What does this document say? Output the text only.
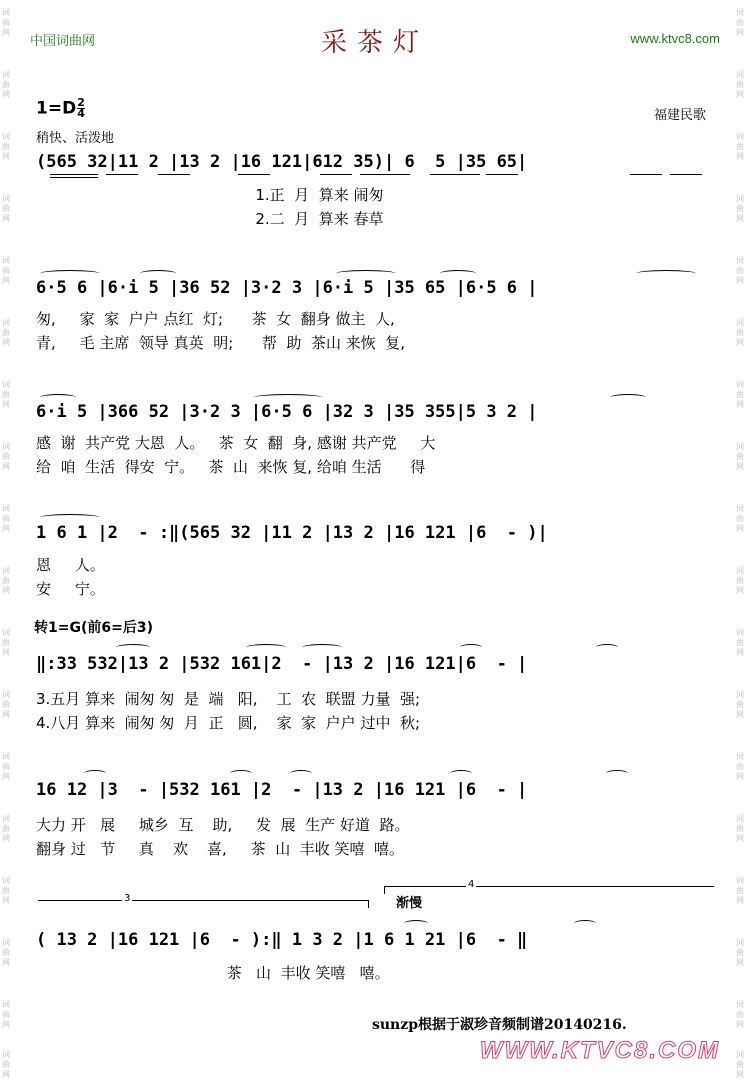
词曲网
词曲网
词曲网
词曲网
词曲网
词曲网
词曲网
词曲网
词曲网
词曲网
词曲网
词曲网
词曲网
词曲网
词曲网
词曲网
词曲网
词曲网
词曲网
词曲网
词曲网
词曲网
词曲网
词曲网
词曲网
词曲网
词曲网
词曲网
词曲网
词曲网
词曲网
词曲网
词曲网
词曲网
词曲网
词曲网
中国词曲网	采茶灯	www.ktvc8.com
$1=D \frac{2}{4}$	福建民歌
稍快、活泼地
(565 32|11 2 |13 2 |16 121|612 35)| 6  5 |35 65|
1.正  月  算来 闹匆
2.二  月  算来 春草
6·5 6 |6·i 5 |36 52 |3·2 3 |6·i 5 |35 65 |6·5 6 |
匆,     家  家  户户 点红  灯;      茶  女  翻身 做主  人,
青,     毛 主席  领导 真英  明;      帮  助  茶山 来恢  复,
6·i 5 |366 52 |3·2 3 |6·5 6 |32 3 |35 355|5 3 2 |
感  谢  共产党 大恩  人。   茶  女  翻  身, 感谢 共产党     大
给  咱  生活  得安  宁。   茶  山  来恢 复, 给咱 生活      得
1 6 1 |2  - :‖(565 32 |11 2 |13 2 |16 121 |6  - )|
恩     人。
安     宁。
转1=G(前6=后3)
‖:33 532|13 2 |532 161|2  - |13 2 |16 121|6  - |
3.五月 算来  闹匆 匆  是  端   阳,    工  农  联盟 力量  强;
4.八月 算来  闹匆 匆  月  正   圆,    家  家  户户 过中  秋;
16 12 |3  - |532 161 |2  - |13 2 |16 121 |6  - |
大力 开   展     城乡  互    助,     发  展  生产 好道  路。
翻身 过   节     真    欢    喜,     茶  山  丰收 笑嘻  嘻。
3
4
渐慢
( 13 2 |16 121 |6  - ):‖ 1 3 2 |1 6 1 21 |6  - ‖
茶   山  丰收 笑嘻   嘻。
sunzp根据于淑珍音频制谱20140216.
WWW.KTVC8.COM
